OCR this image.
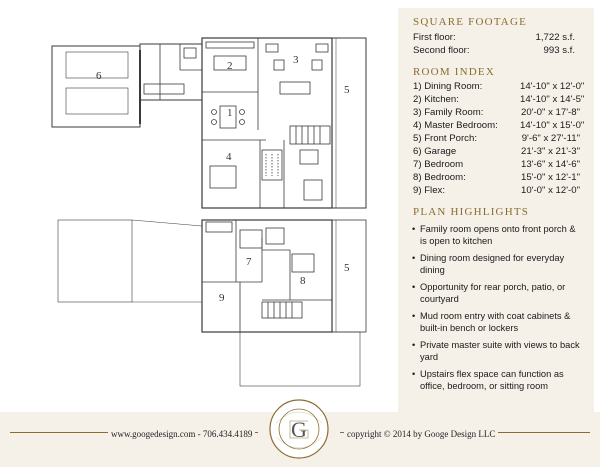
6
2	3
1
5
4
7
8
5
9
SQUARE FOOTAGE
First floor:	1,722 s.f.
Second floor:	993 s.f.
ROOM INDEX
1) Dining Room:	14'-10" x 12'-0"
2) Kitchen:	14'-10" x 14'-5"
3) Family Room:	20'-0" x 17'-8"
4) Master Bedroom: 14'-10" x 15'-0"
5) Front Porch:	9'-6" x 27'-11"
6) Garage	21'-3" x 21'-3"
7) Bedroom	13'-6" x 14'-6"
8) Bedroom:	15'-0" x 12'-1"
9) Flex:	10'-0" x 12'-0"
PLAN HIGHLIGHTS
• Family room opens onto front porch & is open to kitchen
• Dining room designed for everyday dining
• Opportunity for rear porch, patio, or courtyard
• Mud room entry with coat cabinets & built-in bench or lockers
• Private master suite with views to back yard
• Upstairs flex space can function as office, bedroom, or sitting room
www.googedesign.com - 706.434.4189 G	copyright © 2014 by Googe Design LLC
